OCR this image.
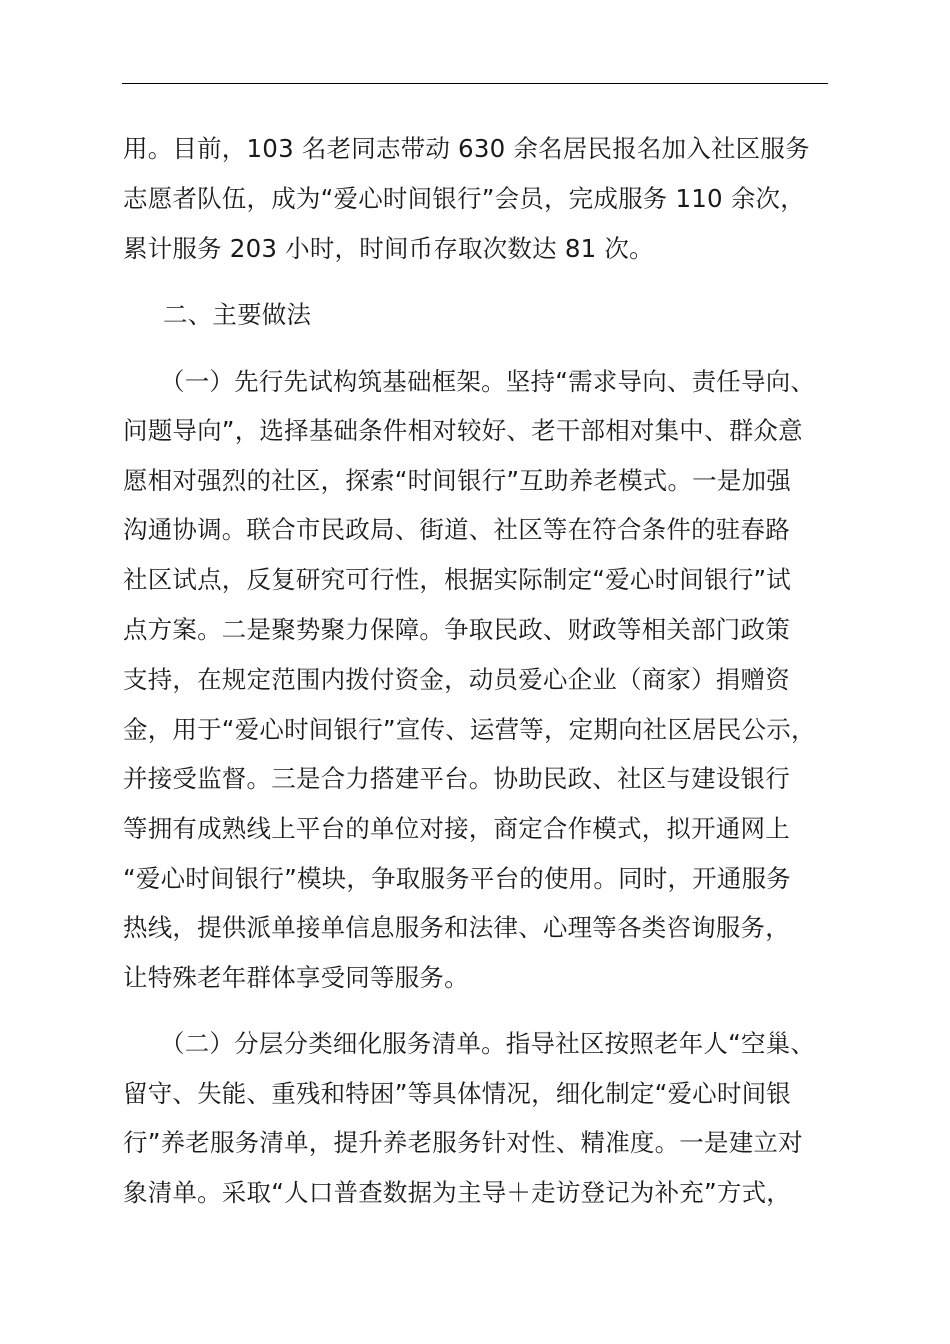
用。目前，103 名老同志带动 630 余名居民报名加入社区服务

志愿者队伍，成为“爱心时间银行”会员，完成服务 110 余次，

累计服务 203 小时，时间币存取次数达 81 次。

二、主要做法

（一）先行先试构筑基础框架。坚持“需求导向、责任导向、

问题导向”，选择基础条件相对较好、老干部相对集中、群众意

愿相对强烈的社区，探索“时间银行”互助养老模式。一是加强

沟通协调。联合市民政局、街道、社区等在符合条件的驻春路

社区试点，反复研究可行性，根据实际制定“爱心时间银行”试

点方案。二是聚势聚力保障。争取民政、财政等相关部门政策

支持，在规定范围内拨付资金，动员爱心企业（商家）捐赠资

金，用于“爱心时间银行”宣传、运营等，定期向社区居民公示，

并接受监督。三是合力搭建平台。协助民政、社区与建设银行

等拥有成熟线上平台的单位对接，商定合作模式，拟开通网上

“爱心时间银行”模块，争取服务平台的使用。同时，开通服务

热线，提供派单接单信息服务和法律、心理等各类咨询服务，

让特殊老年群体享受同等服务。

（二）分层分类细化服务清单。指导社区按照老年人“空巢、

留守、失能、重残和特困”等具体情况，细化制定“爱心时间银

行”养老服务清单，提升养老服务针对性、精准度。一是建立对

象清单。采取“人口普查数据为主导＋走访登记为补充”方式，
